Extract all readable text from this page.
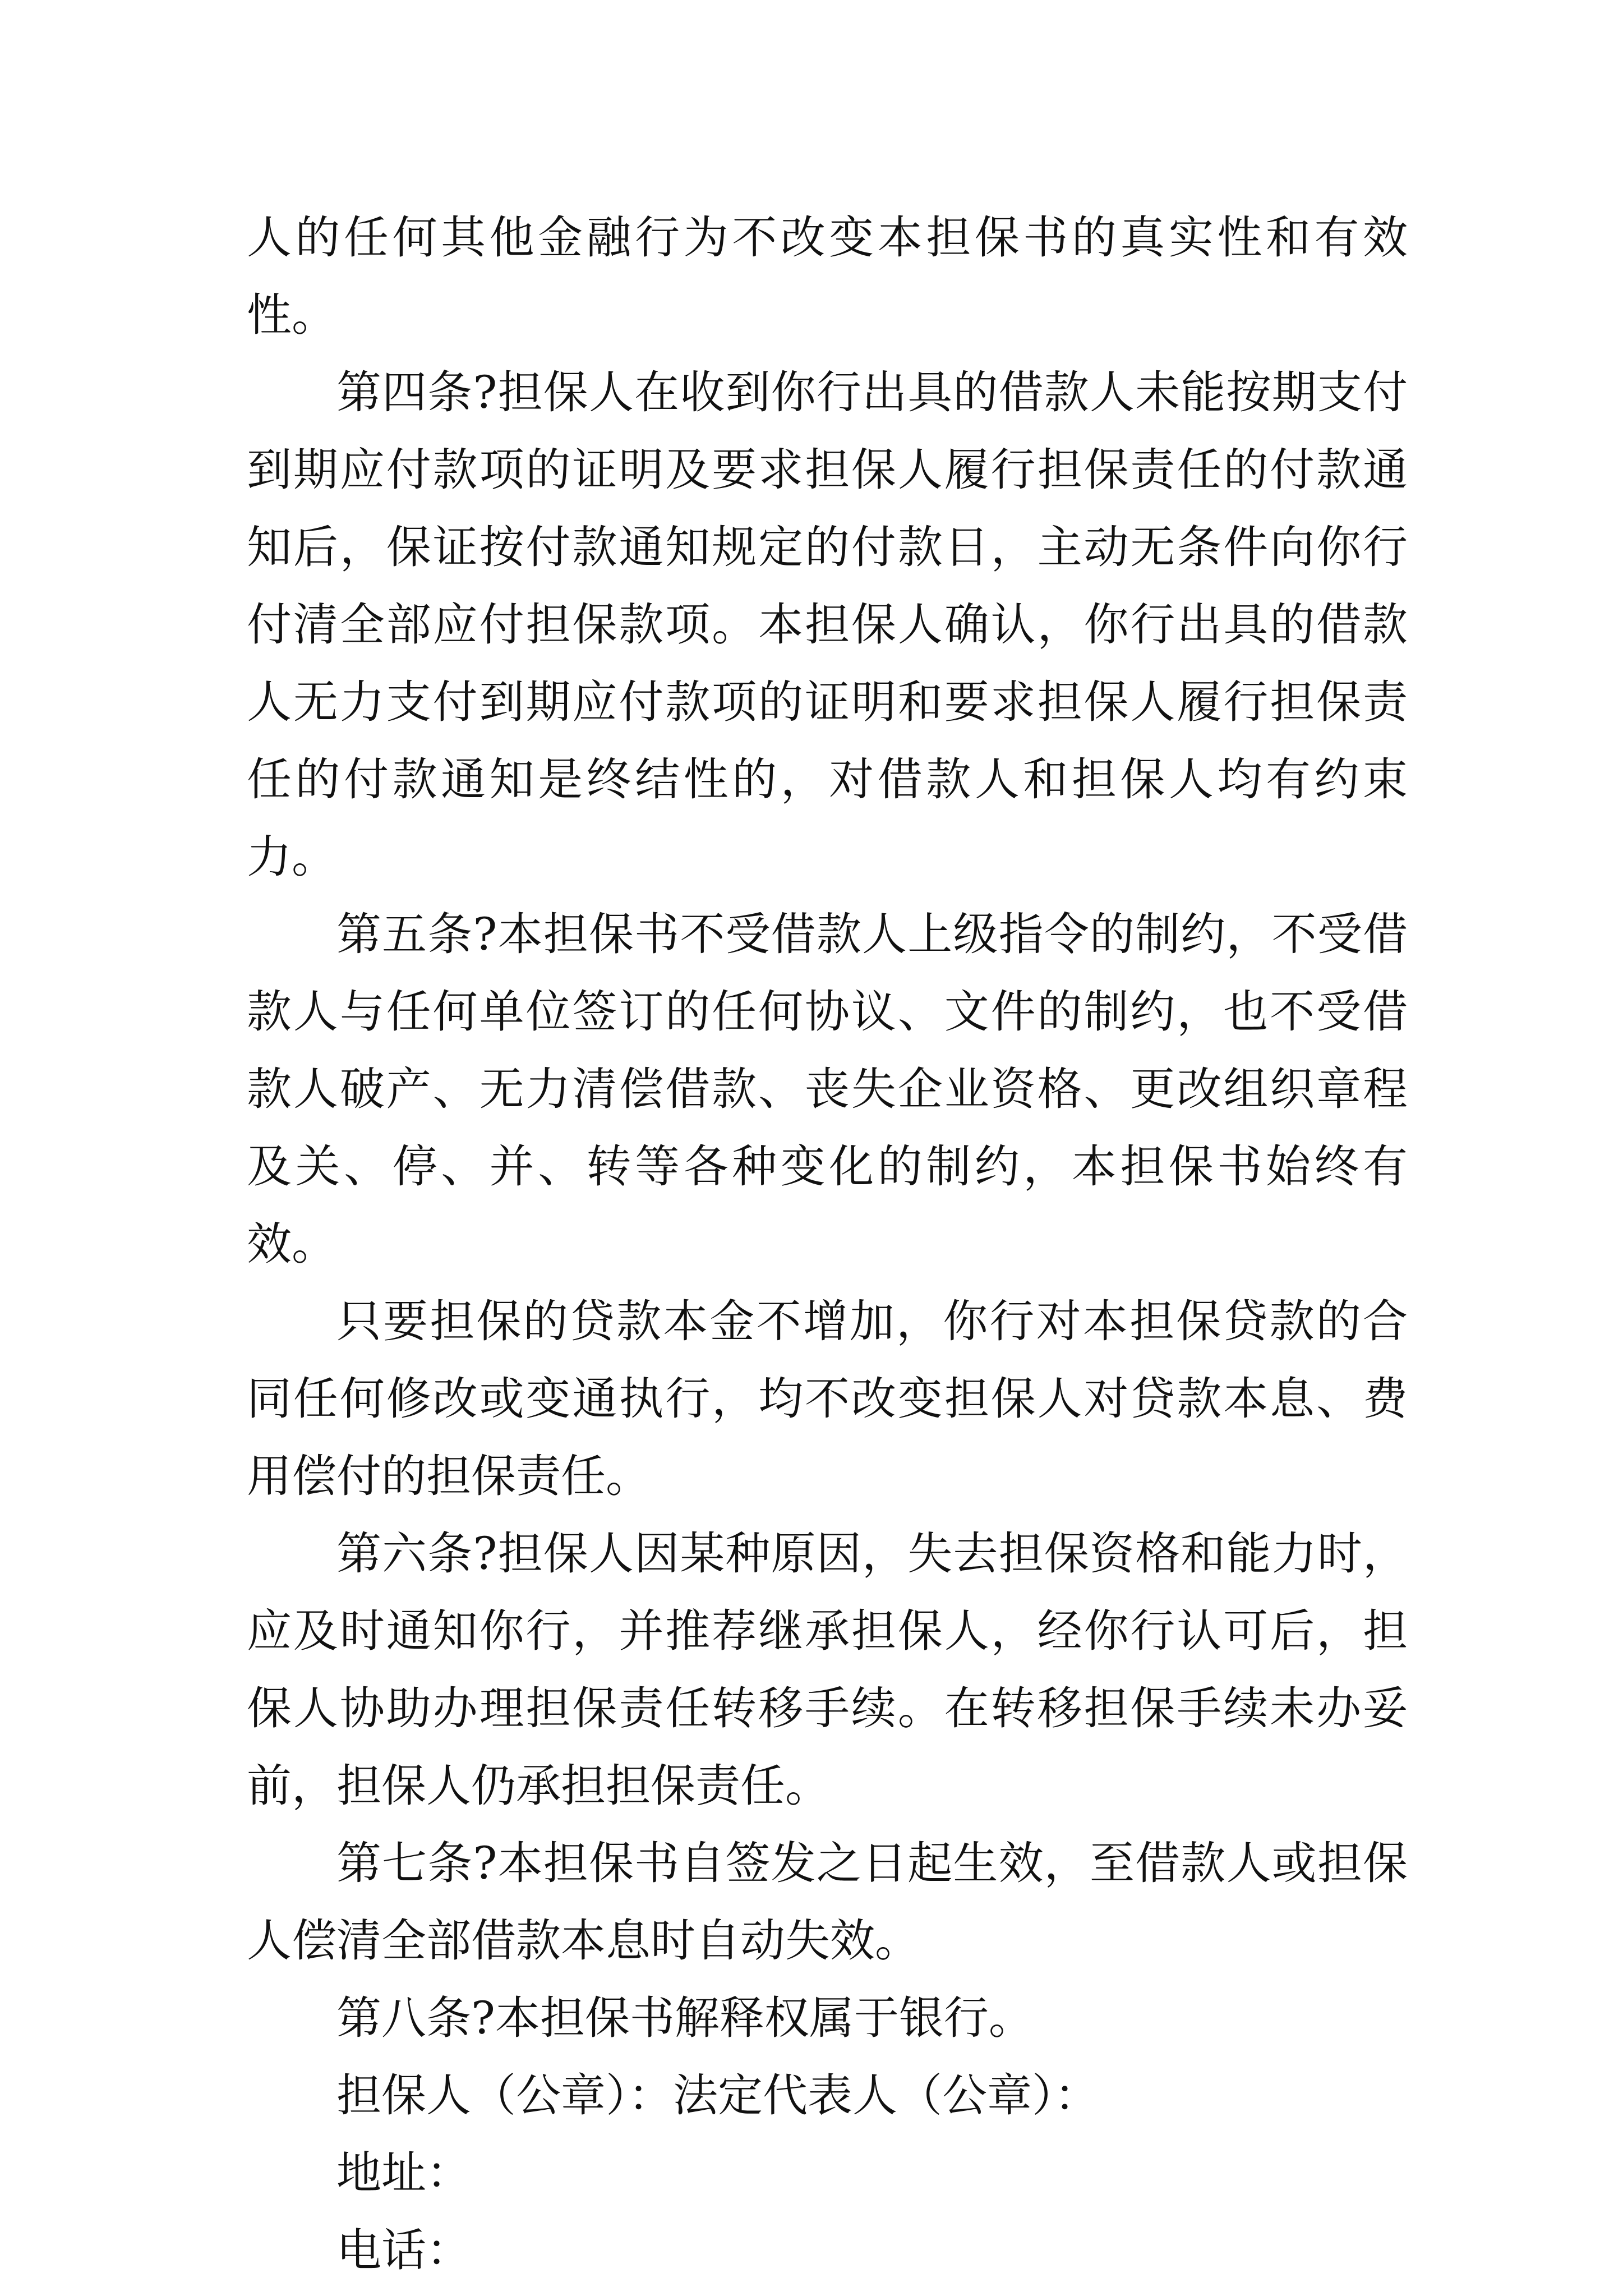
人的任何其他金融行为不改变本担保书的真实性和有效性。

第四条?担保人在收到你行出具的借款人未能按期支付到期应付款项的证明及要求担保人履行担保责任的付款通知后，保证按付款通知规定的付款日，主动无条件向你行付清全部应付担保款项。本担保人确认，你行出具的借款人无力支付到期应付款项的证明和要求担保人履行担保责任的付款通知是终结性的，对借款人和担保人均有约束力。

第五条?本担保书不受借款人上级指令的制约，不受借款人与任何单位签订的任何协议、文件的制约，也不受借款人破产、无力清偿借款、丧失企业资格、更改组织章程及关、停、并、转等各种变化的制约，本担保书始终有效。

只要担保的贷款本金不增加，你行对本担保贷款的合同任何修改或变通执行，均不改变担保人对贷款本息、费用偿付的担保责任。

第六条?担保人因某种原因，失去担保资格和能力时，应及时通知你行，并推荐继承担保人，经你行认可后，担保人协助办理担保责任转移手续。在转移担保手续未办妥前，担保人仍承担担保责任。

第七条?本担保书自签发之日起生效，至借款人或担保人偿清全部借款本息时自动失效。

第八条?本担保书解释权属于银行。

担保人（公章）：法定代表人（公章）：

地址：

电话：
